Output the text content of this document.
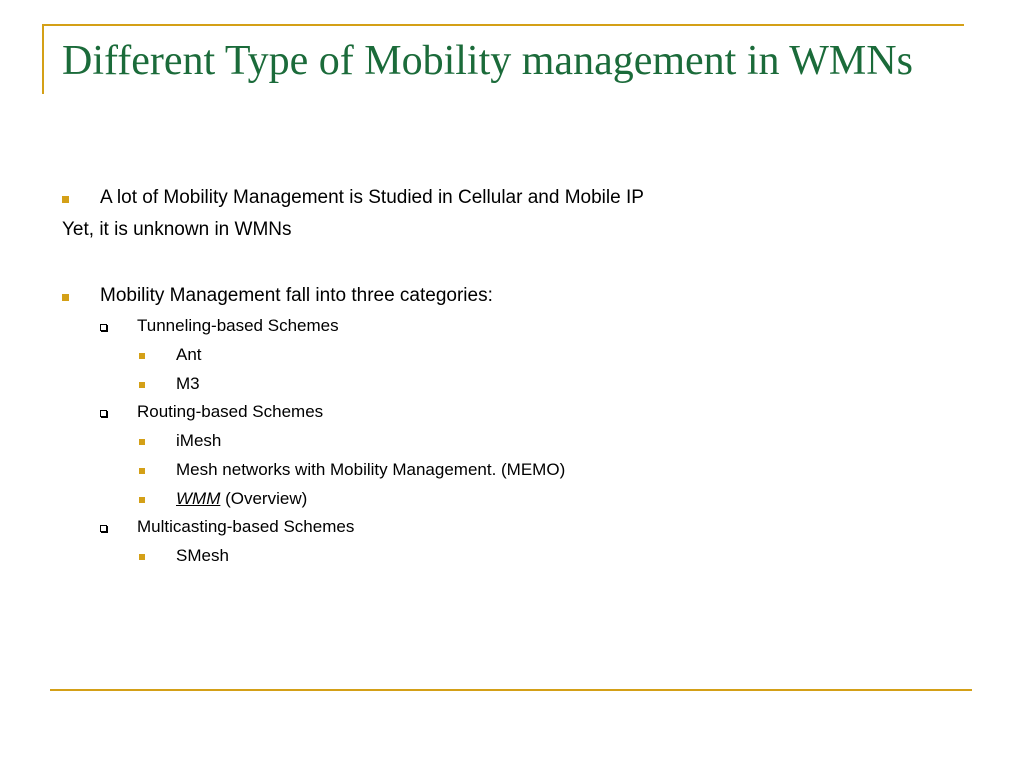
Different Type of Mobility management in WMNs
A lot of Mobility Management is Studied in Cellular and Mobile IP
Yet, it is unknown in WMNs
Mobility Management fall into three categories:
Tunneling-based Schemes
Ant
M3
Routing-based Schemes
iMesh
Mesh networks with Mobility Management. (MEMO)
WMM (Overview)
Multicasting-based Schemes
SMesh
